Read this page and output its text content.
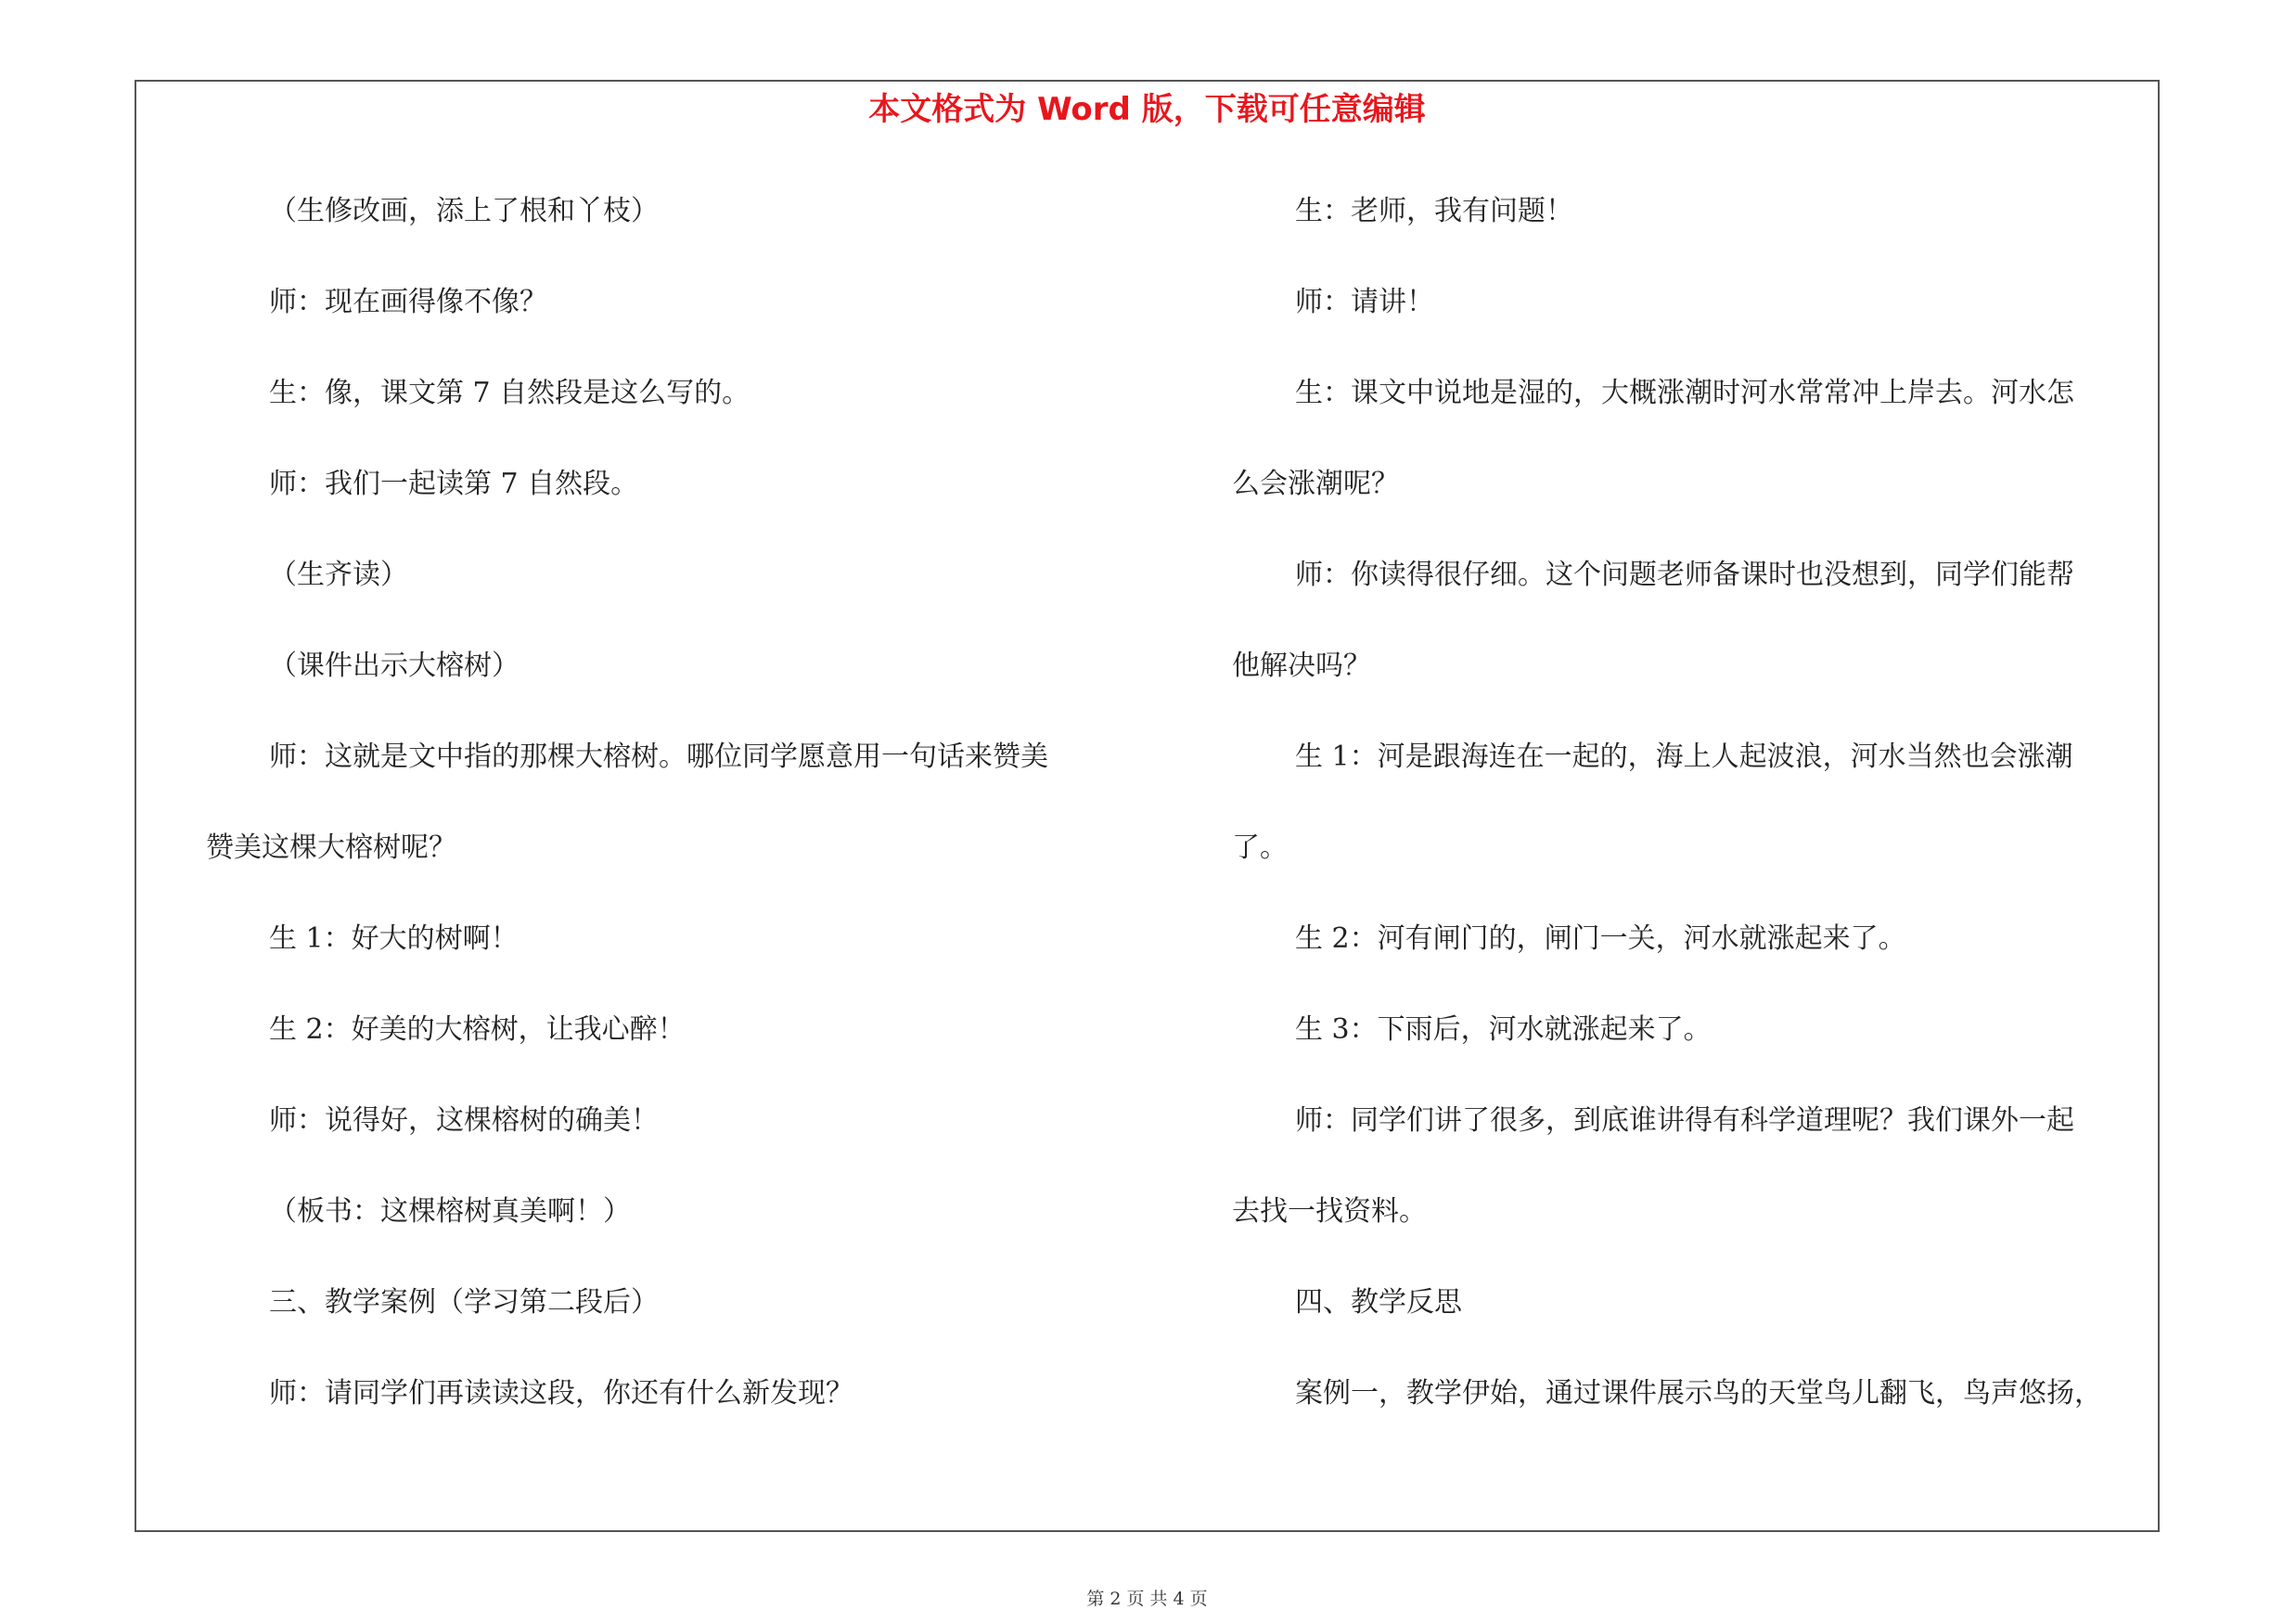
本文格式为 Word 版，下载可任意编辑
第 2 页 共 4 页
（生修改画，添上了根和丫枝）
师：现在画得像不像？
生：像，课文第 7 自然段是这么写的。
师：我们一起读第 7 自然段。
（生齐读）
（课件出示大榕树）
师：这就是文中指的那棵大榕树。哪位同学愿意用一句话来赞美
赞美这棵大榕树呢？
生 1：好大的树啊！
生 2：好美的大榕树，让我心醉！
师：说得好，这棵榕树的确美！
（板书：这棵榕树真美啊！）
三、教学案例（学习第二段后）
师：请同学们再读读这段，你还有什么新发现？
生：老师，我有问题！
师：请讲！
生：课文中说地是湿的，大概涨潮时河水常常冲上岸去。河水怎
么会涨潮呢？
师：你读得很仔细。这个问题老师备课时也没想到，同学们能帮
他解决吗？
生 1：河是跟海连在一起的，海上人起波浪，河水当然也会涨潮
了。
生 2：河有闸门的，闸门一关，河水就涨起来了。
生 3：下雨后，河水就涨起来了。
师：同学们讲了很多，到底谁讲得有科学道理呢？我们课外一起
去找一找资料。
四、教学反思
案例一，教学伊始，通过课件展示鸟的天堂鸟儿翻飞，鸟声悠扬，
